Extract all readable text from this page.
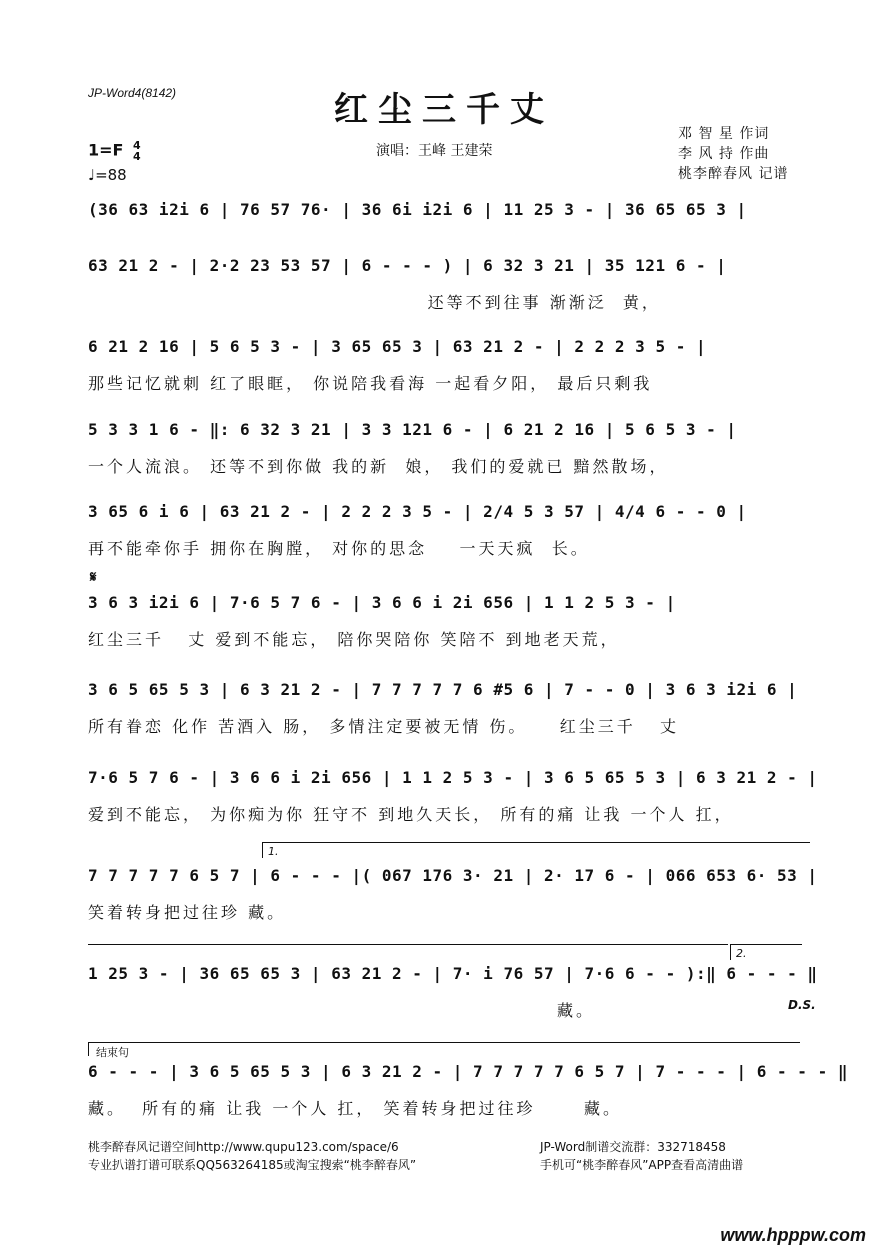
JP-Word4(8142)	红尘三千丈
1=F 4
4
♩=88
演唱：王峰 王建荣
邓 智 星 作词
李 风 持 作曲
桃李醉春风 记谱
(36 63 i2i 6 | 76 57 76· | 36 6i i2i 6 | 11 25 3 - | 36 65 65 3 |
63 21 2 - | 2·2 23 53 57 | 6 - - - ) | 6 32 3 21 | 35 121 6 - |
还等不到往事 渐渐泛  黄，
6 21 2 16 | 5 6 5 3 - | 3 65 65 3 | 63 21 2 - | 2 2 2 3 5 - |
那些记忆就刺 红了眼眶， 你说陪我看海 一起看夕阳， 最后只剩我
5 3 3 1 6 - ‖: 6 32 3 21 | 3 3 121 6 - | 6 21 2 16 | 5 6 5 3 - |
一个人流浪。 还等不到你做 我的新  娘， 我们的爱就已 黯然散场，
3 65 6 i 6 | 63 21 2 - | 2 2 2 3 5 - | 2/4 5 3 57 | 4/4 6 - - 0 |
再不能牵你手 拥你在胸膛， 对你的思念    一天天疯  长。
𝄋
3 6 3 i2i 6 | 7·6 5 7 6 - | 3 6 6 i 2i 656 | 1 1 2 5 3 - |
红尘三千   丈 爱到不能忘， 陪你哭陪你 笑陪不 到地老天荒，
3 6 5 65 5 3 | 6 3 21 2 - | 7 7 7 7 7 6 #5 6 | 7 - - 0 | 3 6 3 i2i 6 |
所有眷恋 化作 苦酒入 肠， 多情注定要被无情 伤。    红尘三千   丈
7·6 5 7 6 - | 3 6 6 i 2i 656 | 1 1 2 5 3 - | 3 6 5 65 5 3 | 6 3 21 2 - |
爱到不能忘， 为你痴为你 狂守不 到地久天长， 所有的痛 让我 一个人 扛，
1.
7 7 7 7 7 6 5 7 | 6 - - - |( 067 176 3· 21 | 2· 17 6 - | 066 653 6· 53 |
笑着转身把过往珍 藏。
2.
1 25 3 - | 36 65 65 3 | 63 21 2 - | 7· i 76 57 | 7·6 6 - - ):‖ 6 - - - ‖
藏。	D.S.
结束句
6 - - - | 3 6 5 65 5 3 | 6 3 21 2 - | 7 7 7 7 7 6 5 7 | 7 - - - | 6 - - - ‖
藏。  所有的痛 让我 一个人 扛， 笑着转身把过往珍      藏。
桃李醉春风记谱空间http://www.qupu123.com/space/6
专业扒谱打谱可联系QQ563264185或淘宝搜索“桃李醉春风”
JP-Word制谱交流群：332718458
手机可“桃李醉春风”APP查看高清曲谱
www.hpppw.com
